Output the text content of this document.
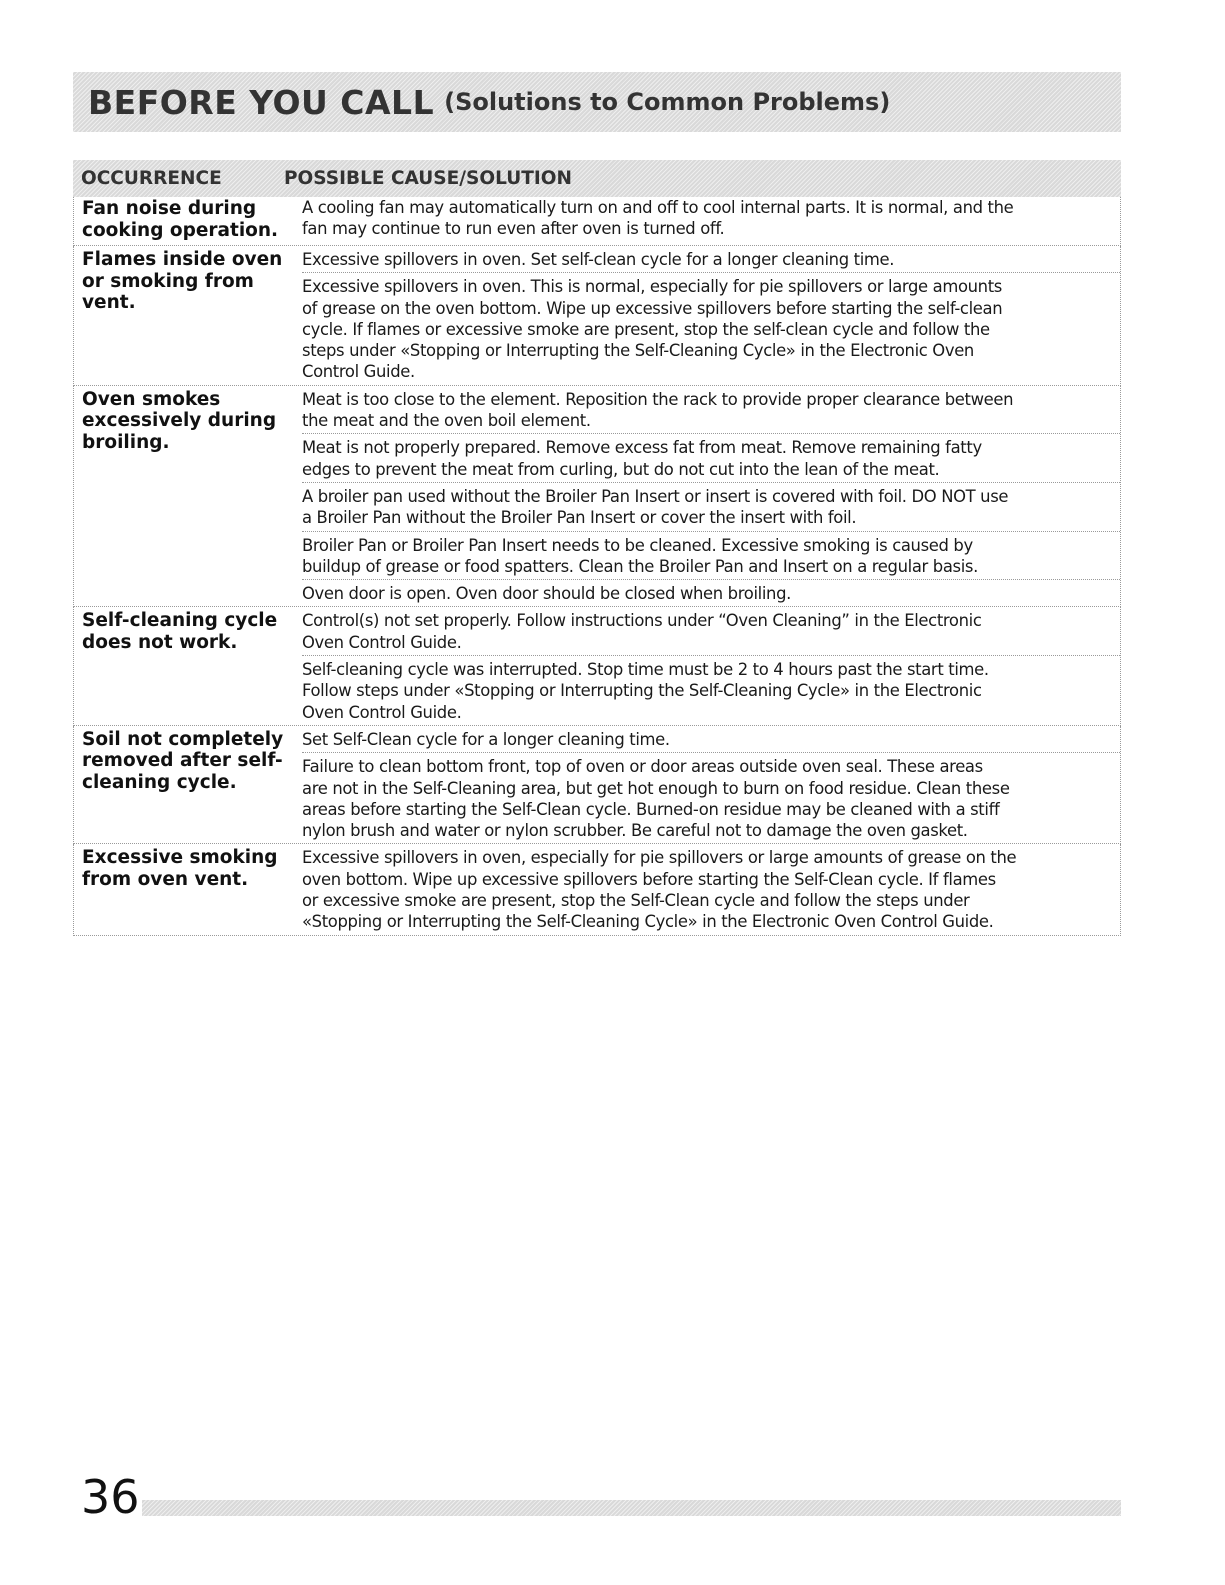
BEFORE YOU CALL (Solutions to Common Problems)
OCCURRENCE	POSSIBLE CAUSE/SOLUTION
Fan noise during
cooking operation.
A cooling fan may automatically turn on and off to cool internal parts. It is normal, and the
fan may continue to run even after oven is turned off.
Flames inside oven
or smoking from
vent.
Excessive spillovers in oven. Set self-clean cycle for a longer cleaning time.
Excessive spillovers in oven. This is normal, especially for pie spillovers or large amounts
of grease on the oven bottom. Wipe up excessive spillovers before starting the self-clean
cycle. If flames or excessive smoke are present, stop the self-clean cycle and follow the
steps under «Stopping or Interrupting the Self-Cleaning Cycle» in the Electronic Oven
Control Guide.
Oven smokes
excessively during
broiling.
Meat is too close to the element. Reposition the rack to provide proper clearance between
the meat and the oven boil element.
Meat is not properly prepared. Remove excess fat from meat. Remove remaining fatty
edges to prevent the meat from curling, but do not cut into the lean of the meat.
A broiler pan used without the Broiler Pan Insert or insert is covered with foil. DO NOT use
a Broiler Pan without the Broiler Pan Insert or cover the insert with foil.
Broiler Pan or Broiler Pan Insert needs to be cleaned. Excessive smoking is caused by
buildup of grease or food spatters. Clean the Broiler Pan and Insert on a regular basis.
Oven door is open. Oven door should be closed when broiling.
Self-cleaning cycle
does not work.
Control(s) not set properly. Follow instructions under “Oven Cleaning” in the Electronic
Oven Control Guide.
Self-cleaning cycle was interrupted. Stop time must be 2 to 4 hours past the start time.
Follow steps under «Stopping or Interrupting the Self-Cleaning Cycle» in the Electronic
Oven Control Guide.
Soil not completely
removed after self-
cleaning cycle.
Set Self-Clean cycle for a longer cleaning time.
Failure to clean bottom front, top of oven or door areas outside oven seal. These areas
are not in the Self-Cleaning area, but get hot enough to burn on food residue. Clean these
areas before starting the Self-Clean cycle. Burned-on residue may be cleaned with a stiff
nylon brush and water or nylon scrubber. Be careful not to damage the oven gasket.
Excessive smoking
from oven vent.
Excessive spillovers in oven, especially for pie spillovers or large amounts of grease on the
oven bottom. Wipe up excessive spillovers before starting the Self-Clean cycle. If flames
or excessive smoke are present, stop the Self-Clean cycle and follow the steps under
«Stopping or Interrupting the Self-Cleaning Cycle» in the Electronic Oven Control Guide.
36
